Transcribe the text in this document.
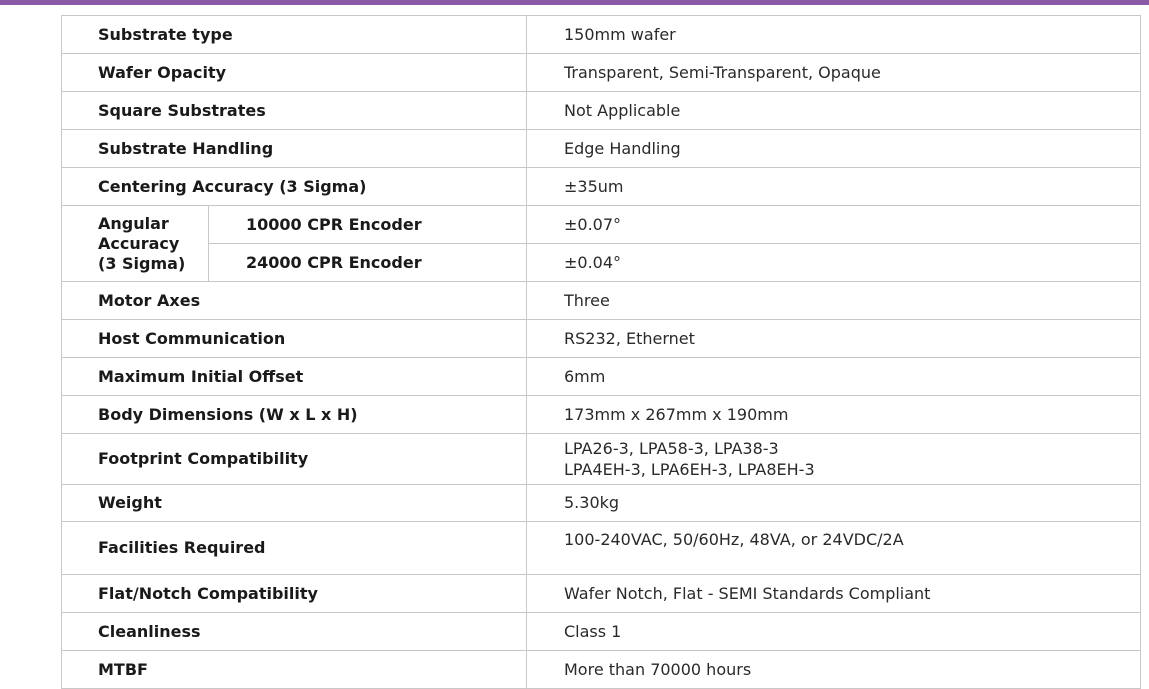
Substrate type		150mm wafer
Wafer Opacity		Transparent, Semi-Transparent, Opaque
Square Substrates		Not Applicable
Substrate Handling		Edge Handling
Centering Accuracy (3 Sigma)		±35um

Angular
Accuracy
(3 Sigma)	10000 CPR Encoder	±0.07°
	24000 CPR Encoder	±0.04°
Motor Axes		Three
Host Communication		RS232, Ethernet
Maximum Initial Offset		6mm
Body Dimensions (W x L x H)		173mm x 267mm x 190mm
Footprint Compatibility		LPA26-3, LPA58-3, LPA38-3
LPA4EH-3, LPA6EH-3, LPA8EH-3

Weight		5.30kg
Facilities Required		100-240VAC, 50/60Hz, 48VA, or 24VDC/2A
Flat/Notch Compatibility		Wafer Notch, Flat - SEMI Standards Compliant
Cleanliness		Class 1
MTBF		More than 70000 hours
